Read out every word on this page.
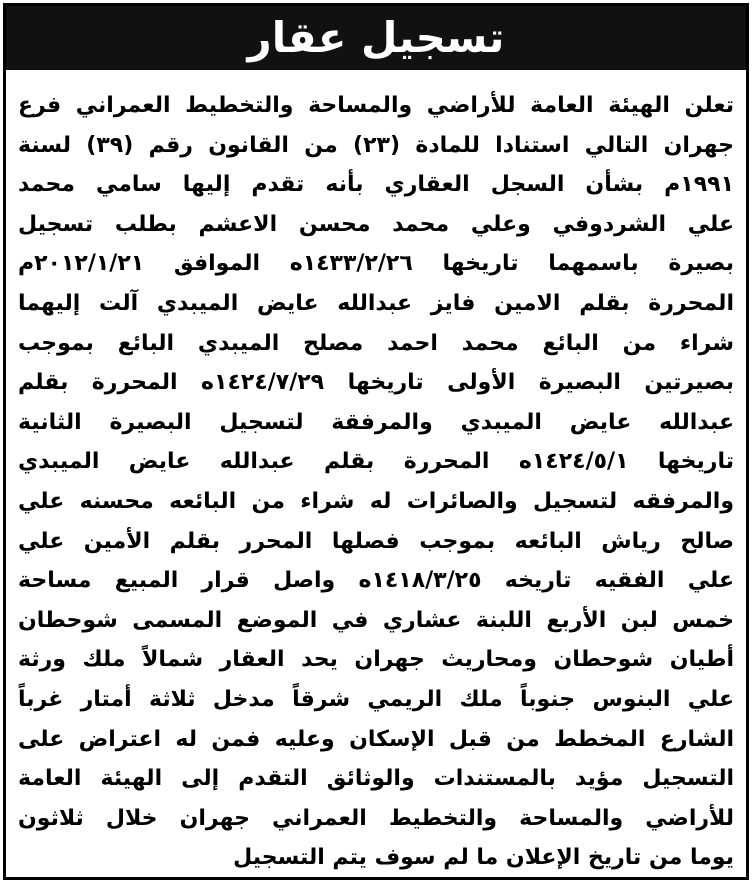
تسجيل عقار
تعلن الهيئة العامة للأراضي والمساحة والتخطيط العمراني فرع
جهران التالي استنادا للمادة (٢٣) من القانون رقم (٣٩) لسنة
١٩٩١م بشأن السجل العقاري بأنه تقدم إليها سامي محمد
علي الشردوفي وعلي محمد محسن الاعشم بطلب تسجيل
بصيرة باسمهما تاريخها ١٤٣٣/٢/٢٦ه الموافق ٢٠١٢/١/٢١م
المحررة بقلم الامين فايز عبدالله عايض الميبدي آلت إليهما
شراء من البائع محمد احمد مصلح الميبدي البائع بموجب
بصيرتين البصيرة الأولى تاريخها ١٤٢٤/٧/٢٩ه المحررة بقلم
عبدالله عايض الميبدي والمرفقة لتسجيل البصيرة الثانية
تاريخها ١٤٢٤/٥/١ه المحررة بقلم عبدالله عايض الميبدي
والمرفقه لتسجيل والصائرات له شراء من البائعه محسنه علي
صالح رياش البائعه بموجب فصلها المحرر بقلم الأمين علي
علي الفقيه تاريخه ١٤١٨/٣/٢٥ه واصل قرار المبيع مساحة
خمس لبن الأربع اللبنة عشاري في الموضع المسمى شوحطان
أطيان شوحطان ومحاريث جهران يحد العقار شمالاً ملك ورثة
علي البنوس جنوباً ملك الريمي شرقاً مدخل ثلاثة أمتار غرباً
الشارع المخطط من قبل الإسكان وعليه فمن له اعتراض على
التسجيل مؤيد بالمستندات والوثائق التقدم إلى الهيئة العامة
للأراضي والمساحة والتخطيط العمراني جهران خلال ثلاثون
يوما من تاريخ الإعلان ما لم سوف يتم التسجيل
